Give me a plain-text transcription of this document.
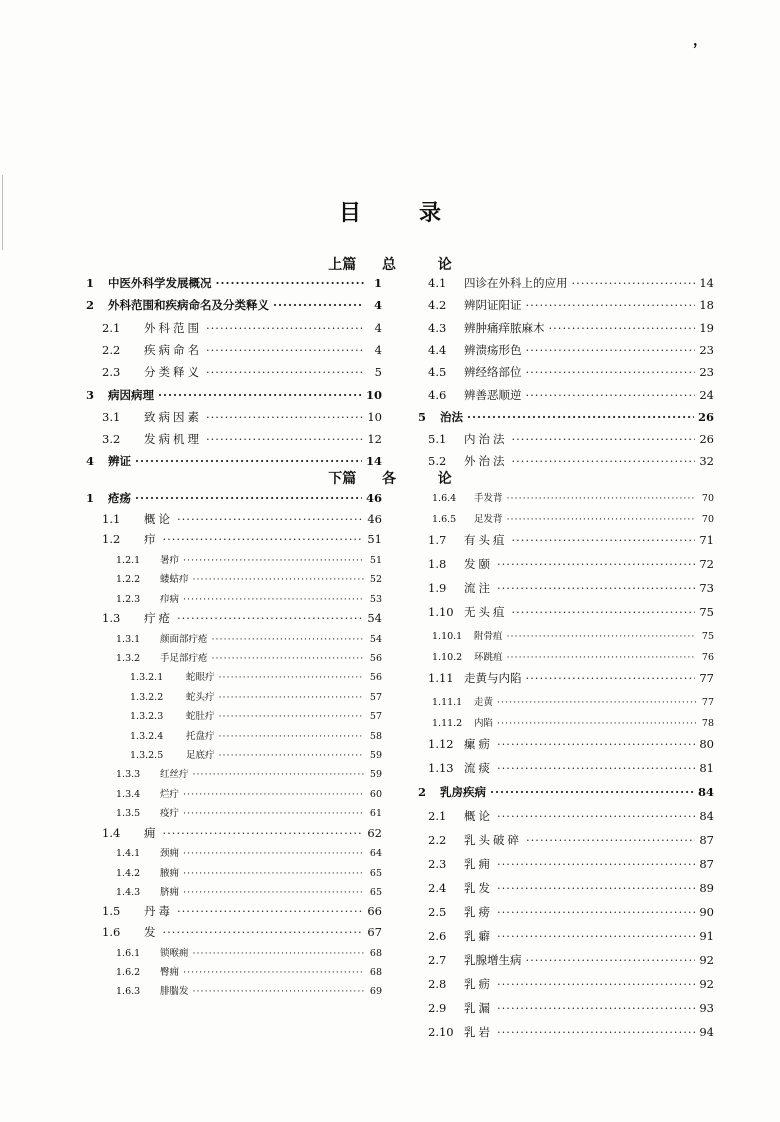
，
目	录
上篇 总	论
下篇 各	论
1	中医外科学发展概况 ·····	1
2	外科范围和疾病命名及分类释义 ·····	4
2.1	外科范围 ·····	4
2.2	疾病命名 ·····	4
2.3	分类释义 ·····	5
3	病因病理 ·····	10
3.1	致病因素 ·····	10
3.2	发病机理 ·····	12
4	辨证 ·····	14
4.1	四诊在外科上的应用 ·····	14
4.2	辨阴证阳证 ·····	18
4.3	辨肿痛痒脓麻木 ·····	19
4.4	辨溃疡形色 ·····	23
4.5	辨经络部位 ·····	23
4.6	辨善恶顺逆 ·····	24
5	治法 ·····	26
5.1	内治法 ·····	26
5.2	外治法 ·····	32
1	疮疡 ·····	46
1.1	概论 ·····	46
1.2	疖 ·····	51
1.2.1	暑疖 ·····	51
1.2.2	蝼蛄疖 ·····	52
1.2.3	疖病 ·····	53
1.3	疔疮 ·····	54
1.3.1	颜面部疔疮 ·····	54
1.3.2	手足部疔疮 ·····	56
1.3.2.1	蛇眼疔 ·····	56
1.3.2.2	蛇头疔 ·····	57
1.3.2.3	蛇肚疔 ·····	57
1.3.2.4	托盘疔 ·····	58
1.3.2.5	足底疔 ·····	59
1.3.3	红丝疔 ·····	59
1.3.4	烂疔 ·····	60
1.3.5	疫疔 ·····	61
1.4	痈 ·····	62
1.4.1	颈痈 ·····	64
1.4.2	腋痈 ·····	65
1.4.3	脐痈 ·····	65
1.5	丹毒 ·····	66
1.6	发 ·····	67
1.6.1	锁喉痈 ·····	68
1.6.2	臀痈 ·····	68
1.6.3	腓腨发 ·····	69
1.6.4	手发背 ·····	70
1.6.5	足发背 ·····	70
1.7	有头疽 ·····	71
1.8	发颐 ·····	72
1.9	流注 ·····	73
1.10 无头疽 ·····	75
1.10.1	附骨疽 ·····	75
1.10.2	环跳疽 ·····	76
1.11 走黄与内陷 ·····	77
1.11.1	走黄 ·····	77
1.11.2	内陷 ·····	78
1.12 瘰疬 ·····	80
1.13 流痰 ·····	81
2	乳房疾病 ·····	84
2.1	概论 ·····	84
2.2	乳头破碎 ·····	87
2.3	乳痈 ·····	87
2.4	乳发 ·····	89
2.5	乳痨 ·····	90
2.6	乳癖 ·····	91
2.7	乳腺增生病 ·····	92
2.8	乳疬 ·····	92
2.9	乳漏 ·····	93
2.10 乳岩 ·····	94
